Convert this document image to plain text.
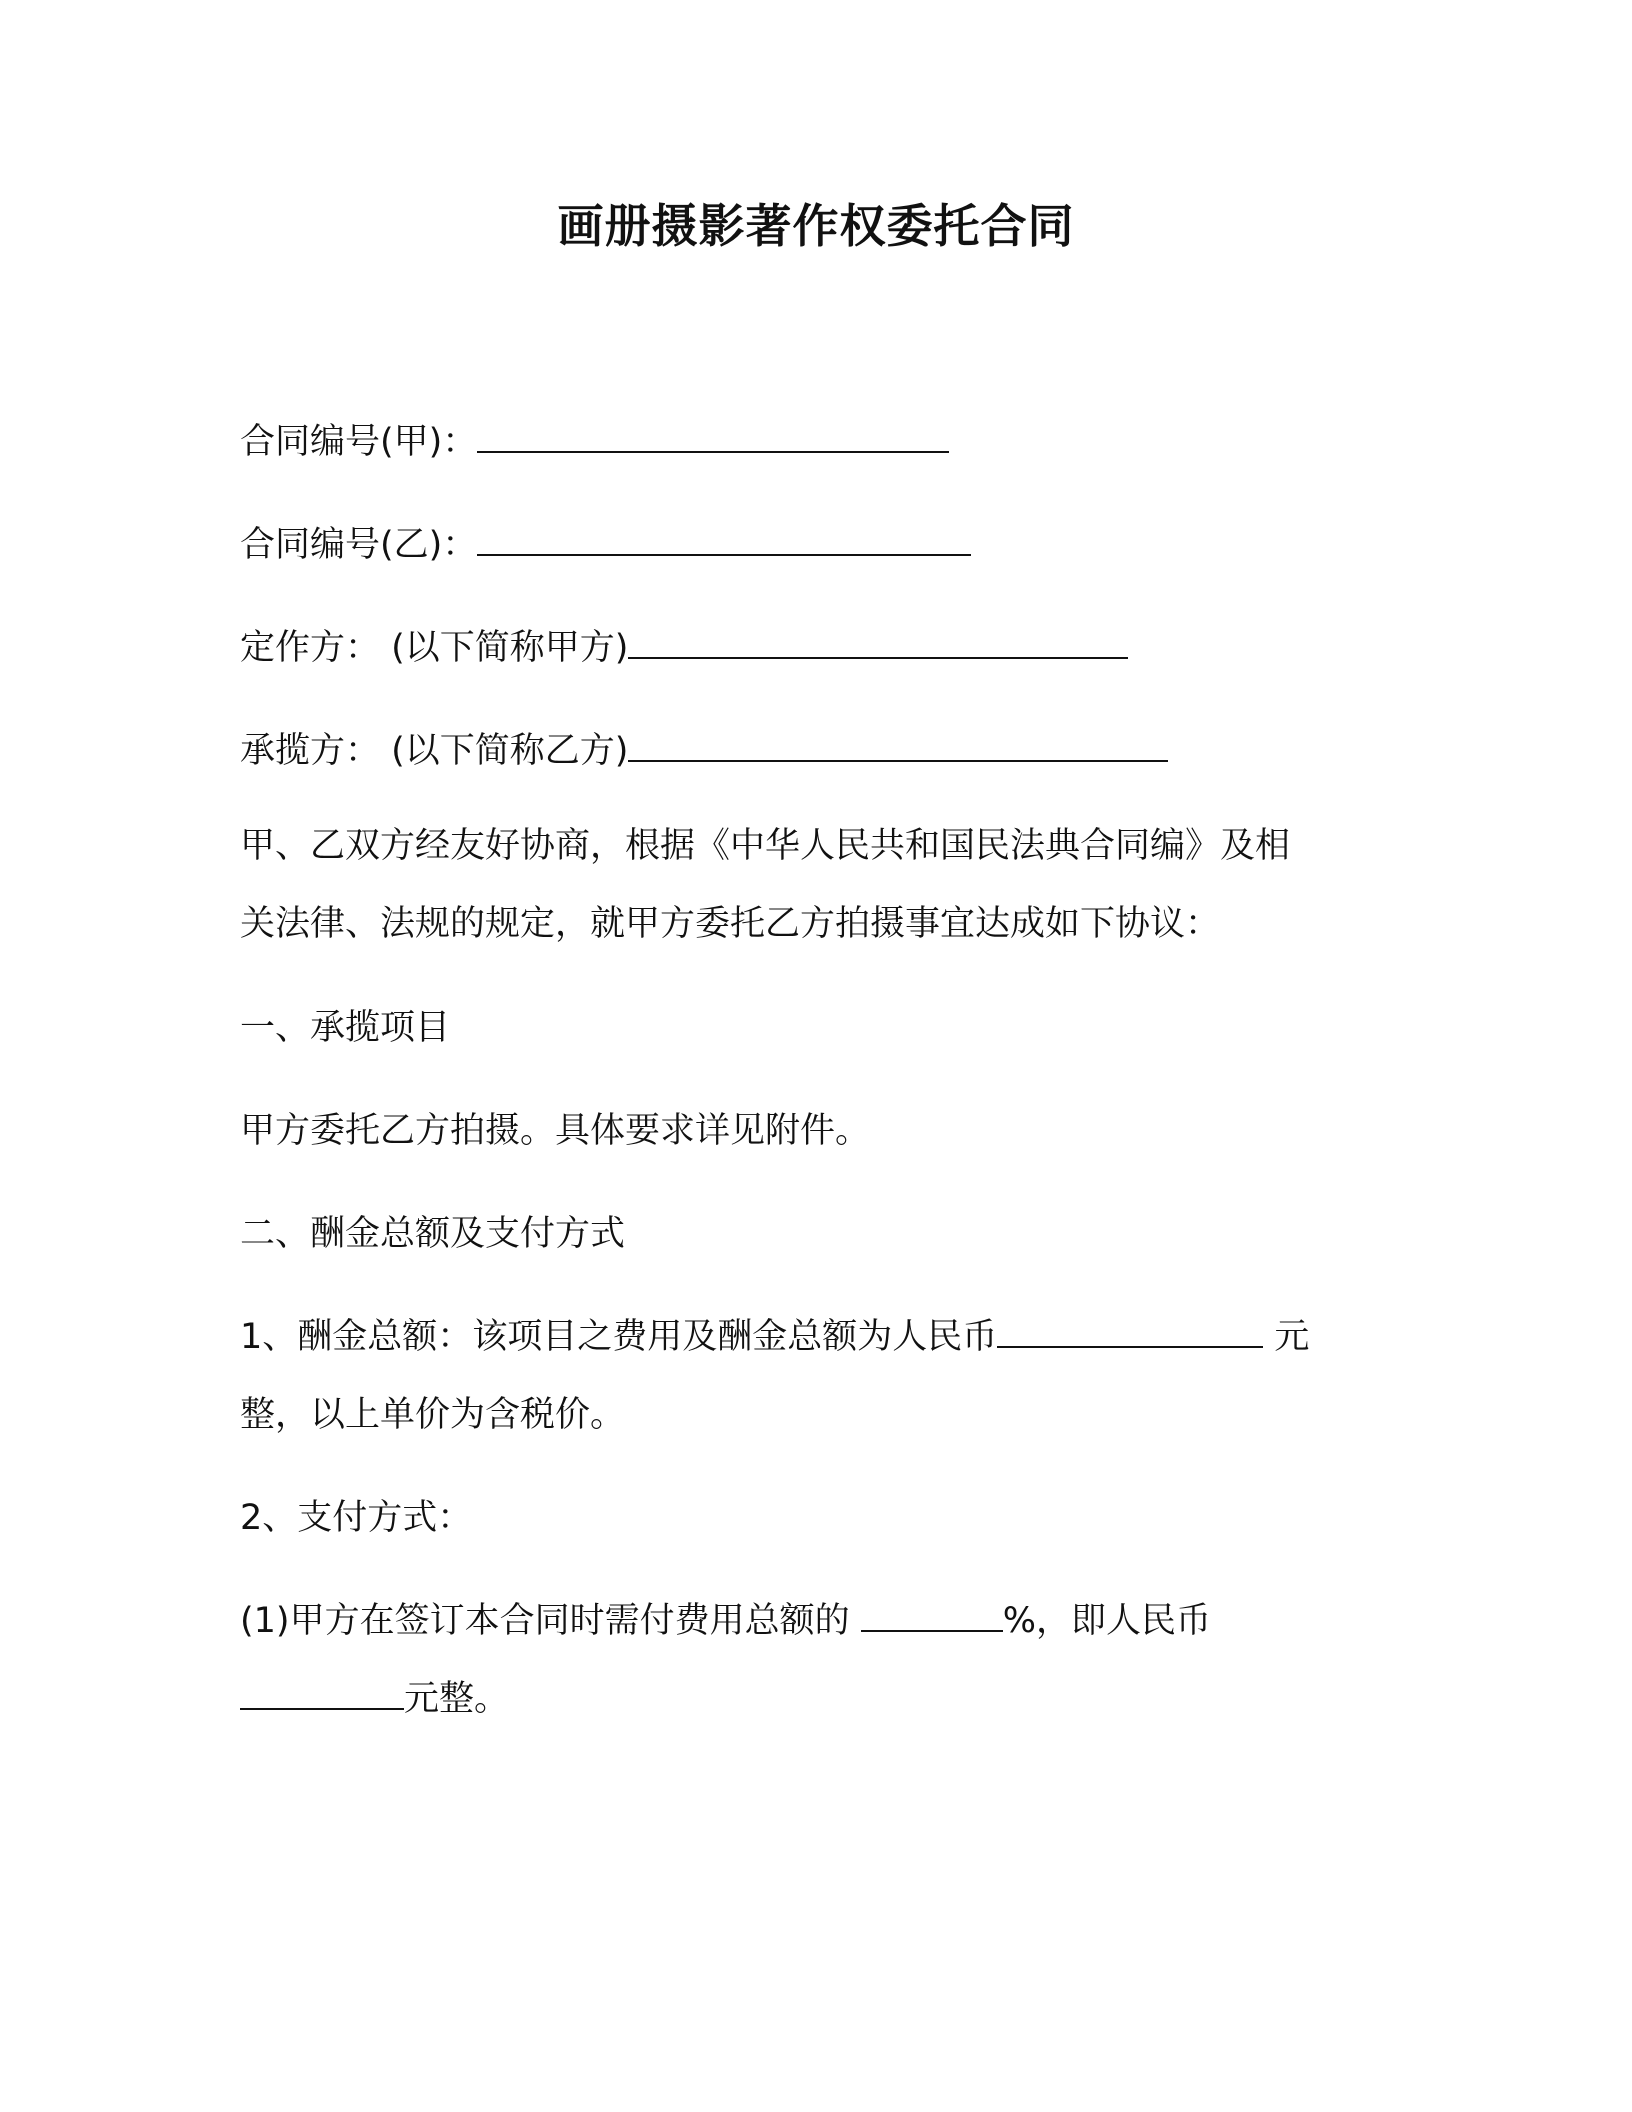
画册摄影著作权委托合同
合同编号(甲)：
合同编号(乙)：
定作方： (以下简称甲方)
承揽方： (以下简称乙方)
甲、乙双方经友好协商，根据《中华人民共和国民法典合同编》及相
关法律、法规的规定，就甲方委托乙方拍摄事宜达成如下协议：
一、承揽项目
甲方委托乙方拍摄。具体要求详见附件。
二、酬金总额及支付方式
1、酬金总额：该项目之费用及酬金总额为人民币	元
整，以上单价为含税价。
2、支付方式：
(1)甲方在签订本合同时需付费用总额的	%，即人民币
元整。
